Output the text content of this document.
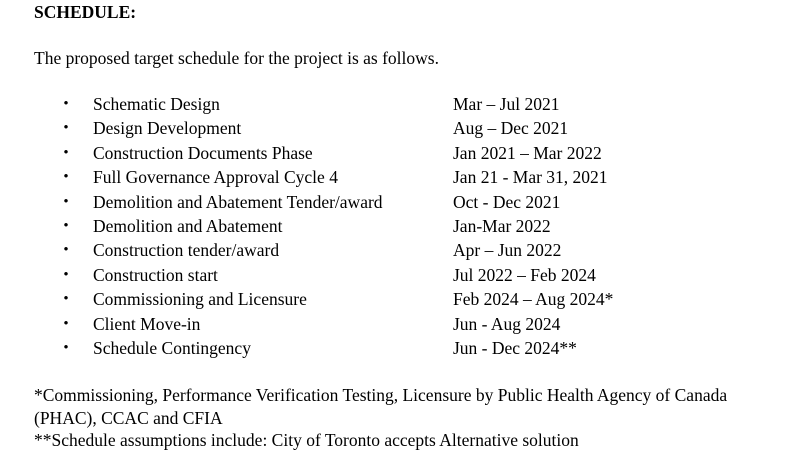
SCHEDULE:

The proposed target schedule for the project is as follows.

• Schematic Design	Mar – Jul 2021
• Design Development	Aug – Dec 2021
• Construction Documents Phase	Jan 2021 – Mar 2022
• Full Governance Approval Cycle 4	Jan 21 - Mar 31, 2021
• Demolition and Abatement Tender/award	Oct - Dec 2021
• Demolition and Abatement	Jan-Mar 2022
• Construction tender/award	Apr – Jun 2022
• Construction start	Jul 2022 – Feb 2024
• Commissioning and Licensure	Feb 2024 – Aug 2024*
• Client Move-in	Jun - Aug 2024
• Schedule Contingency	Jun - Dec 2024**

*Commissioning, Performance Verification Testing, Licensure by Public Health Agency of Canada (PHAC), CCAC and CFIA

**Schedule assumptions include: City of Toronto accepts Alternative solution
